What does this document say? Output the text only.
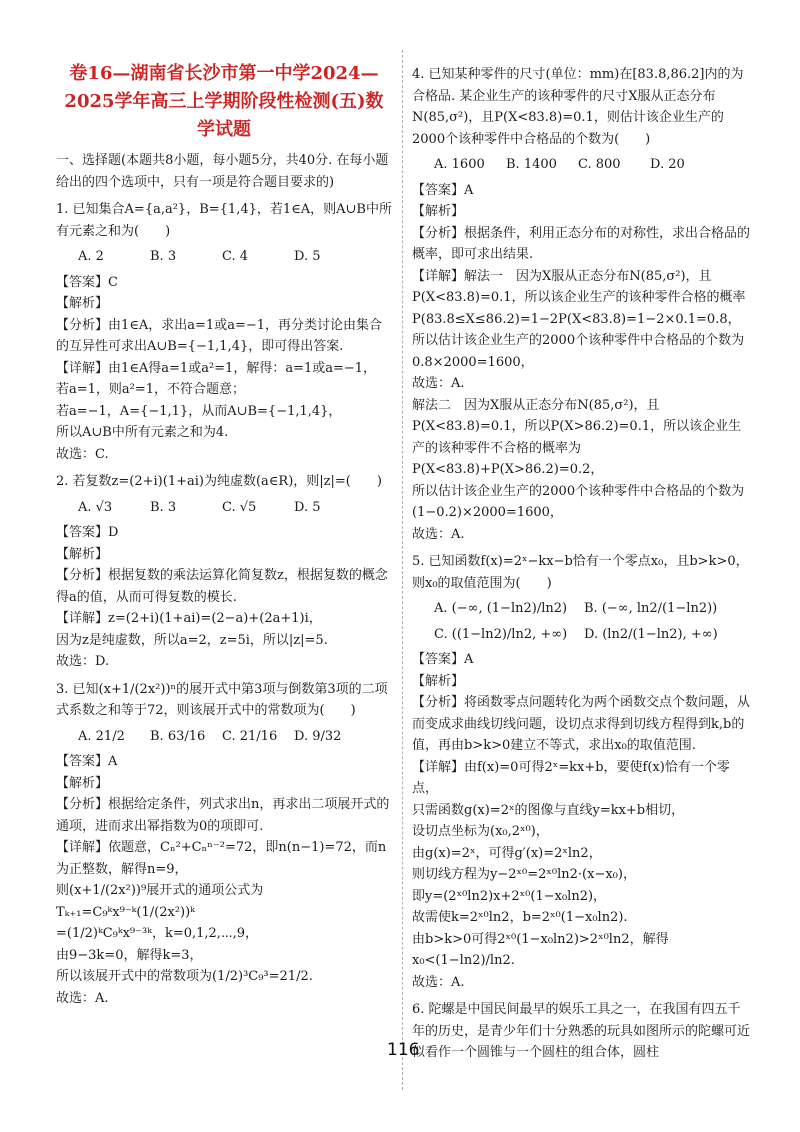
卷16—湖南省长沙市第一中学2024—2025学年高三上学期阶段性检测(五)数学试题

一、选择题(本题共8小题，每小题5分，共40分. 在每小题给出的四个选项中，只有一项是符合题目要求的)

1. 已知集合A={a,a²}，B={1,4}，若1∈A，则A∪B中所有元素之和为(　　)

A. 2	B. 3	C. 4	D. 5

【答案】C

【解析】

【分析】由1∈A，求出a=1或a=−1，再分类讨论由集合的互异性可求出A∪B={−1,1,4}，即可得出答案.

【详解】由1∈A得a=1或a²=1，解得：a=1或a=−1，

若a=1，则a²=1，不符合题意；

若a=−1，A={−1,1}，从而A∪B={−1,1,4}，

所以A∪B中所有元素之和为4.

故选：C.

2. 若复数z=(2+i)(1+ai)为纯虚数(a∈R)，则|z|=(　　)

A. √3	B. 3	C. √5	D. 5

【答案】D

【解析】

【分析】根据复数的乘法运算化简复数z，根据复数的概念得a的值，从而可得复数的模长.

【详解】z=(2+i)(1+ai)=(2−a)+(2a+1)i，

因为z是纯虚数，所以a=2，z=5i，所以|z|=5.

故选：D.

3. 已知(x+1/(2x²))ⁿ的展开式中第3项与倒数第3项的二项式系数之和等于72，则该展开式中的常数项为(　　)

A. 21/2	B. 63/16	C. 21/16	D. 9/32

【答案】A

【解析】

【分析】根据给定条件，列式求出n，再求出二项展开式的通项，进而求出幂指数为0的项即可.

【详解】依题意，Cₙ²+Cₙⁿ⁻²=72，即n(n−1)=72，而n为正整数，解得n=9，

则(x+1/(2x²))⁹展开式的通项公式为Tₖ₊₁=C₉ᵏx⁹⁻ᵏ(1/(2x²))ᵏ

=(1/2)ᵏC₉ᵏx⁹⁻³ᵏ，k=0,1,2,⋯,9，

由9−3k=0，解得k=3，

所以该展开式中的常数项为(1/2)³C₉³=21/2.

故选：A.

4. 已知某种零件的尺寸(单位：mm)在[83.8,86.2]内的为合格品. 某企业生产的该种零件的尺寸X服从正态分布N(85,σ²)，且P(X<83.8)=0.1，则估计该企业生产的2000个该种零件中合格品的个数为(　　)

A. 1600	B. 1400	C. 800	D. 20

【答案】A

【解析】

【分析】根据条件，利用正态分布的对称性，求出合格品的概率，即可求出结果.

【详解】解法一　因为X服从正态分布N(85,σ²)，且P(X<83.8)=0.1，所以该企业生产的该种零件合格的概率P(83.8≤X≤86.2)=1−2P(X<83.8)=1−2×0.1=0.8，

所以估计该企业生产的2000个该种零件中合格品的个数为0.8×2000=1600，

故选：A.

解法二　因为X服从正态分布N(85,σ²)，且P(X<83.8)=0.1，所以P(X>86.2)=0.1，所以该企业生产的该种零件不合格的概率为P(X<83.8)+P(X>86.2)=0.2，

所以估计该企业生产的2000个该种零件中合格品的个数为(1−0.2)×2000=1600，

故选：A.

5. 已知函数f(x)=2ˣ−kx−b恰有一个零点x₀，且b>k>0，则x₀的取值范围为(　　)

A. (−∞, (1−ln2)/ln2)	B. (−∞, ln2/(1−ln2))
C. ((1−ln2)/ln2, +∞)	D. (ln2/(1−ln2), +∞)

【答案】A

【解析】

【分析】将函数零点问题转化为两个函数交点个数问题，从而变成求曲线切线问题，设切点求得到切线方程得到k,b的值，再由b>k>0建立不等式，求出x₀的取值范围.

【详解】由f(x)=0可得2ˣ=kx+b，要使f(x)恰有一个零点，

只需函数g(x)=2ˣ的图像与直线y=kx+b相切，

设切点坐标为(x₀,2ˣ⁰)，

由g(x)=2ˣ，可得g′(x)=2ˣln2，

则切线方程为y−2ˣ⁰=2ˣ⁰ln2·(x−x₀)，

即y=(2ˣ⁰ln2)x+2ˣ⁰(1−x₀ln2)，

故需使k=2ˣ⁰ln2，b=2ˣ⁰(1−x₀ln2).

由b>k>0可得2ˣ⁰(1−x₀ln2)>2ˣ⁰ln2，解得x₀<(1−ln2)/ln2.

故选：A.

6. 陀螺是中国民间最早的娱乐工具之一，在我国有四五千年的历史，是青少年们十分熟悉的玩具如图所示的陀螺可近似看作一个圆锥与一个圆柱的组合体，圆柱

116
